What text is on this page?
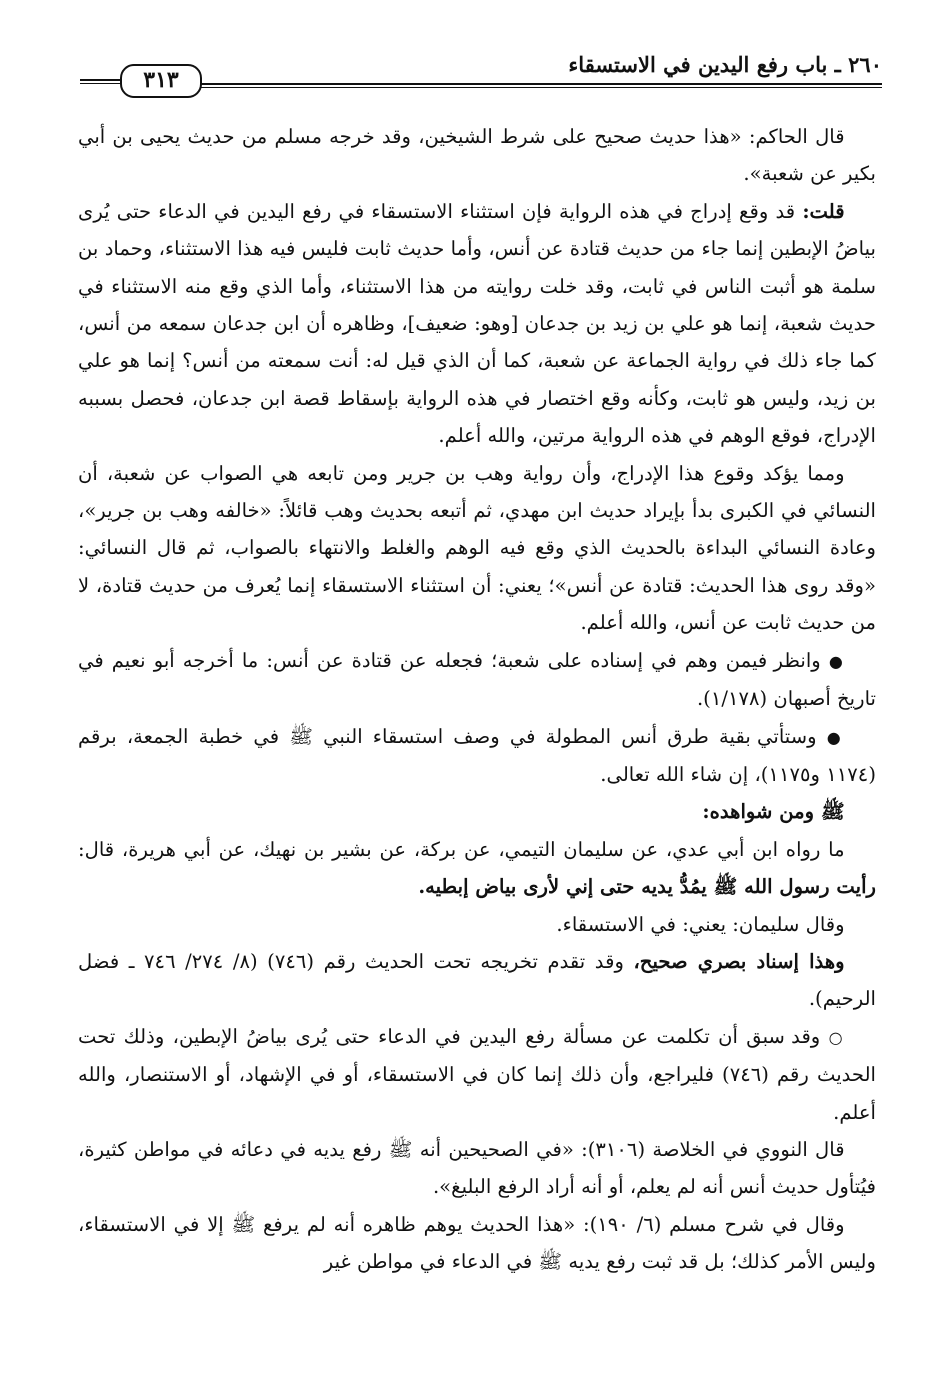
٢٦٠ ـ باب رفع اليدين في الاستسقاء
٣١٣

قال الحاكم: «هذا حديث صحيح على شرط الشيخين، وقد خرجه مسلم من حديث يحيى بن أبي بكير عن شعبة».

قلت: قد وقع إدراج في هذه الرواية فإن استثناء الاستسقاء في رفع اليدين في الدعاء حتى يُرى بياضُ الإبطين إنما جاء من حديث قتادة عن أنس، وأما حديث ثابت فليس فيه هذا الاستثناء، وحماد بن سلمة هو أثبت الناس في ثابت، وقد خلت روايته من هذا الاستثناء، وأما الذي وقع منه الاستثناء في حديث شعبة، إنما هو علي بن زيد بن جدعان [وهو: ضعيف]، وظاهره أن ابن جدعان سمعه من أنس، كما جاء ذلك في رواية الجماعة عن شعبة، كما أن الذي قيل له: أنت سمعته من أنس؟ إنما هو علي بن زيد، وليس هو ثابت، وكأنه وقع اختصار في هذه الرواية بإسقاط قصة ابن جدعان، فحصل بسببه الإدراج، فوقع الوهم في هذه الرواية مرتين، والله أعلم.

ومما يؤكد وقوع هذا الإدراج، وأن رواية وهب بن جرير ومن تابعه هي الصواب عن شعبة، أن النسائي في الكبرى بدأ بإيراد حديث ابن مهدي، ثم أتبعه بحديث وهب قائلاً: «خالفه وهب بن جرير»، وعادة النسائي البداءة بالحديث الذي وقع فيه الوهم والغلط والانتهاء بالصواب، ثم قال النسائي: «وقد روى هذا الحديث: قتادة عن أنس»؛ يعني: أن استثناء الاستسقاء إنما يُعرف من حديث قتادة، لا من حديث ثابت عن أنس، والله أعلم.

● وانظر فيمن وهم في إسناده على شعبة؛ فجعله عن قتادة عن أنس: ما أخرجه أبو نعيم في تاريخ أصبهان (١/١٧٨).

● وستأتي بقية طرق أنس المطولة في وصف استسقاء النبي ﷺ في خطبة الجمعة، برقم (١١٧٤ و١١٧٥)، إن شاء الله تعالى.

ﷺ ومن شواهده:

ما رواه ابن أبي عدي، عن سليمان التيمي، عن بركة، عن بشير بن نهيك، عن أبي هريرة، قال: رأيت رسول الله ﷺ يمُدُّ يديه حتى إني لأرى بياض إبطيه.

وقال سليمان: يعني: في الاستسقاء.

وهذا إسناد بصري صحيح، وقد تقدم تخريجه تحت الحديث رقم (٧٤٦) (٨/ ٢٧٤/ ٧٤٦ ـ فضل الرحيم).

○ وقد سبق أن تكلمت عن مسألة رفع اليدين في الدعاء حتى يُرى بياضُ الإبطين، وذلك تحت الحديث رقم (٧٤٦) فليراجع، وأن ذلك إنما كان في الاستسقاء، أو في الإشهاد، أو الاستنصار، والله أعلم.

قال النووي في الخلاصة (٣١٠٦): «في الصحيحين أنه ﷺ رفع يديه في دعائه في مواطن كثيرة، فيُتأول حديث أنس أنه لم يعلم، أو أنه أراد الرفع البليغ».

وقال في شرح مسلم (٦/ ١٩٠): «هذا الحديث يوهم ظاهره أنه لم يرفع ﷺ إلا في الاستسقاء، وليس الأمر كذلك؛ بل قد ثبت رفع يديه ﷺ في الدعاء في مواطن غير
